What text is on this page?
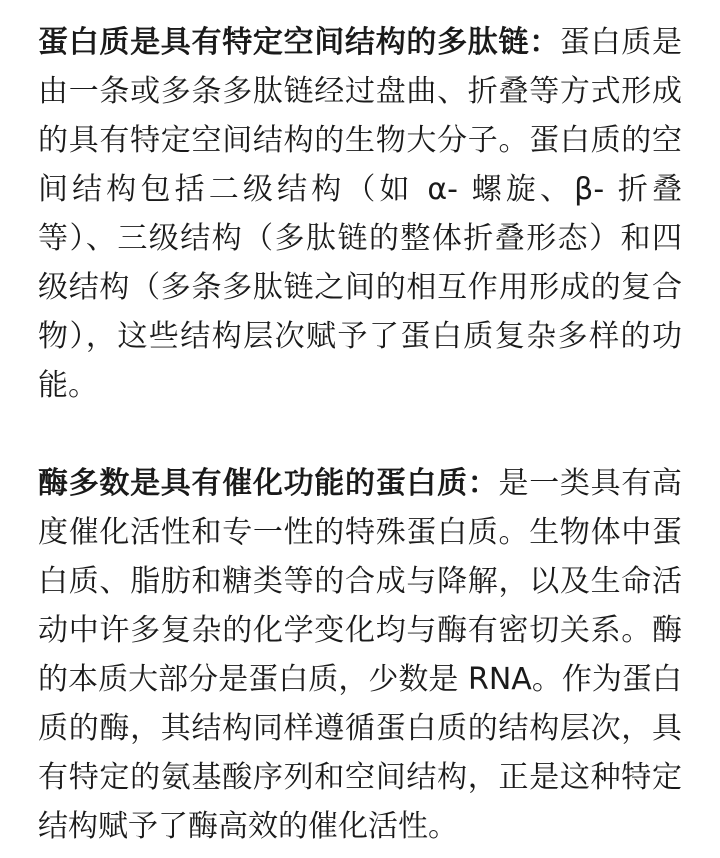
蛋白质是具有特定空间结构的多肽链：蛋白质是由一条或多条多肽链经过盘曲、折叠等方式形成的具有特定空间结构的生物大分子。蛋白质的空间结构包括二级结构（如 α- 螺旋、β- 折叠等）、三级结构（多肽链的整体折叠形态）和四级结构（多条多肽链之间的相互作用形成的复合物），这些结构层次赋予了蛋白质复杂多样的功能。

酶多数是具有催化功能的蛋白质：是一类具有高度催化活性和专一性的特殊蛋白质。生物体中蛋白质、脂肪和糖类等的合成与降解，以及生命活动中许多复杂的化学变化均与酶有密切关系。酶的本质大部分是蛋白质，少数是 RNA。作为蛋白质的酶，其结构同样遵循蛋白质的结构层次，具有特定的氨基酸序列和空间结构，正是这种特定结构赋予了酶高效的催化活性。
